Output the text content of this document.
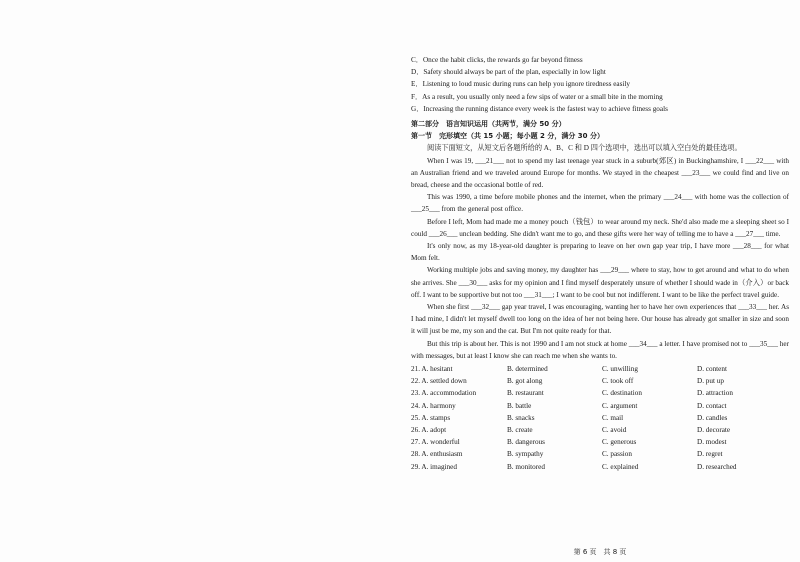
C．Once the habit clicks, the rewards go far beyond fitness
D．Safety should always be part of the plan, especially in low light
E．Listening to loud music during runs can help you ignore tiredness easily
F．As a result, you usually only need a few sips of water or a small bite in the morning
G．Increasing the running distance every week is the fastest way to achieve fitness goals
第二部分　语言知识运用（共两节，满分 50 分）
第一节　完形填空（共 15 小题；每小题 2 分，满分 30 分）
阅读下面短文，从短文后各题所给的 A、B、C 和 D 四个选项中，选出可以填入空白处的最佳选项。
When I was 19, ___21___ not to spend my last teenage year stuck in a suburb(郊区) in Buckinghamshire, I ___22___ with an Australian friend and we traveled around Europe for months. We stayed in the cheapest ___23___ we could find and live on bread, cheese and the occasional bottle of red.
This was 1990, a time before mobile phones and the internet, when the primary ___24___ with home was the collection of ___25___ from the general post office.
Before I left, Mom had made me a money pouch（钱包）to wear around my neck. She'd also made me a sleeping sheet so I could ___26___ unclean bedding. She didn't want me to go, and these gifts were her way of telling me to have a ___27___ time.
It's only now, as my 18-year-old daughter is preparing to leave on her own gap year trip, I have more ___28___ for what Mom felt.
Working multiple jobs and saving money, my daughter has ___29___ where to stay, how to get around and what to do when she arrives. She ___30___ asks for my opinion and I find myself desperately unsure of whether I should wade in（介入）or back off. I want to be supportive but not too ___31___; I want to be cool but not indifferent. I want to be like the perfect travel guide.
When she first ___32___ gap year travel, I was encouraging, wanting her to have her own experiences that ___33___ her. As I had mine, I didn't let myself dwell too long on the idea of her not being here. Our house has already got smaller in size and soon it will just be me, my son and the cat. But I'm not quite ready for that.
But this trip is about her. This is not 1990 and I am not stuck at home ___34___ a letter. I have promised not to ___35___ her with messages, but at least I know she can reach me when she wants to.
21. A. hesitant	B. determined	C. unwilling	D. content
22. A. settled down	B. got along	C. took off	D. put up
23. A. accommodation	B. restaurant	C. destination	D. attraction
24. A. harmony	B. battle	C. argument	D. contact
25. A. stamps	B. snacks	C. mail	D. candles
26. A. adopt	B. create	C. avoid	D. decorate
27. A. wonderful	B. dangerous	C. generous	D. modest
28. A. enthusiasm	B. sympathy	C. passion	D. regret
29. A. imagined	B. monitored	C. explained	D. researched
第 6 页　共 8 页
